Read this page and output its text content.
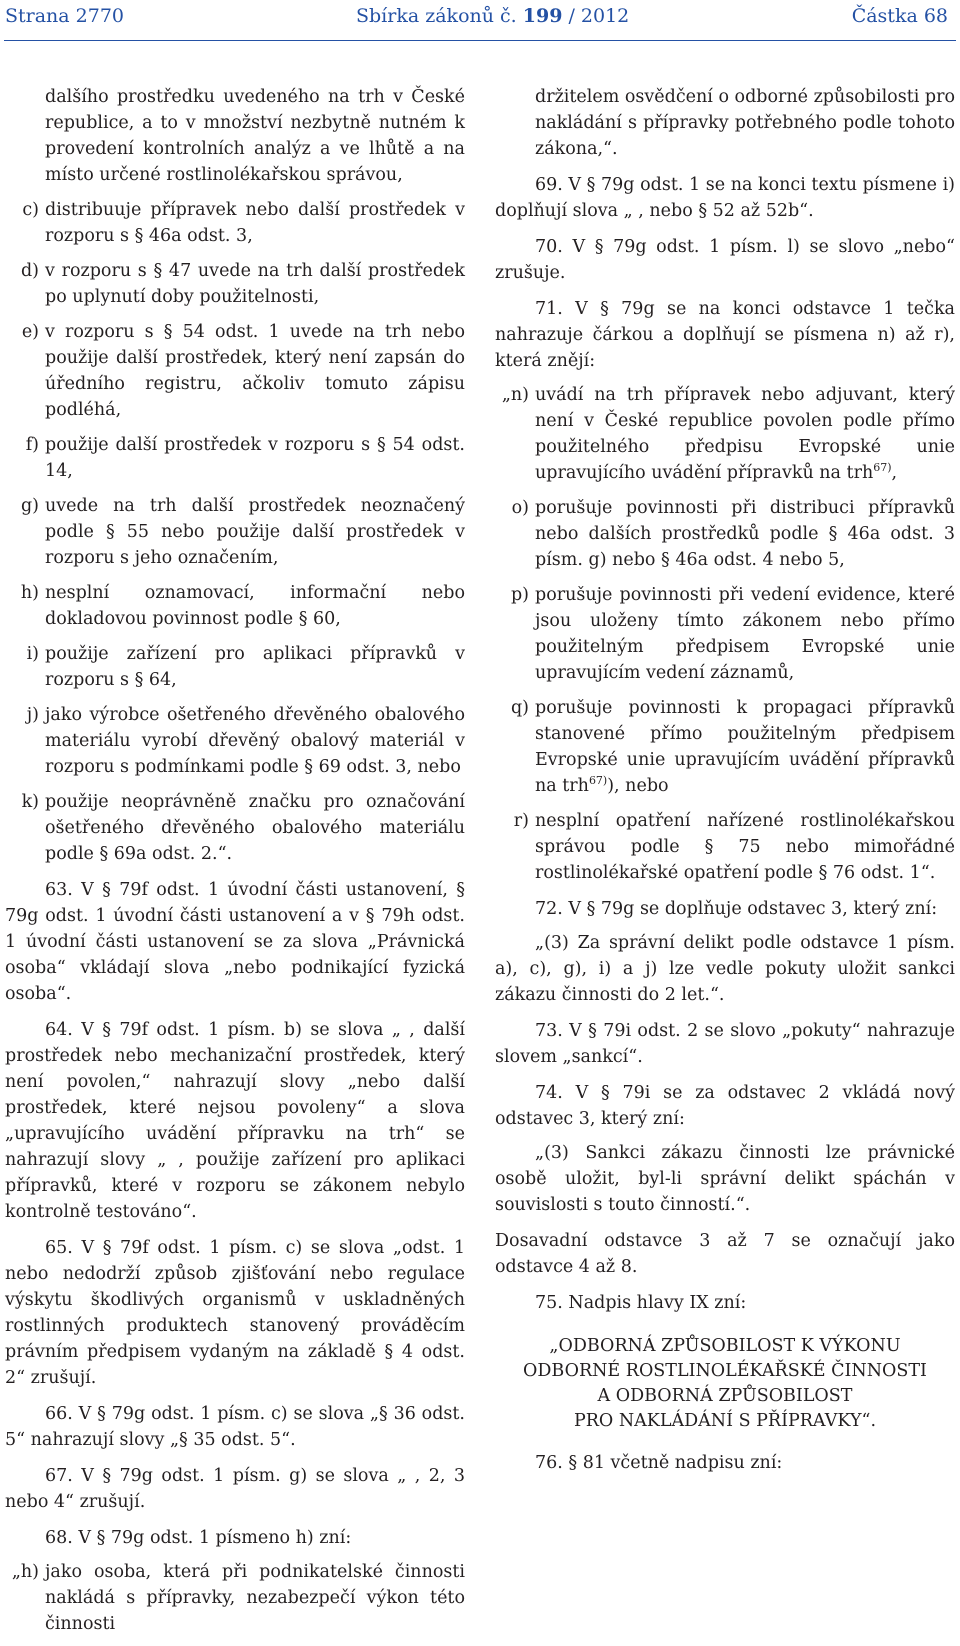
Strana 2770	Sbírka zákonů č. 199 / 2012	Částka 68
dalšího prostředku uvedeného na trh v České republice, a to v množství nezbytně nutném k provedení kontrolních analýz a ve lhůtě a na místo určené rostlinolékařskou správou,
c) distribuuje přípravek nebo další prostředek v rozporu s § 46a odst. 3,
d) v rozporu s § 47 uvede na trh další prostředek po uplynutí doby použitelnosti,
e) v rozporu s § 54 odst. 1 uvede na trh nebo použije další prostředek, který není zapsán do úředního registru, ačkoliv tomuto zápisu podléhá,
f) použije další prostředek v rozporu s § 54 odst. 14,
g) uvede na trh další prostředek neoznačený podle § 55 nebo použije další prostředek v rozporu s jeho označením,
h) nesplní oznamovací, informační nebo dokladovou povinnost podle § 60,
i) použije zařízení pro aplikaci přípravků v rozporu s § 64,
j) jako výrobce ošetřeného dřevěného obalového materiálu vyrobí dřevěný obalový materiál v rozporu s podmínkami podle § 69 odst. 3, nebo
k) použije neoprávněně značku pro označování ošetřeného dřevěného obalového materiálu podle § 69a odst. 2.“.

63. V § 79f odst. 1 úvodní části ustanovení, § 79g odst. 1 úvodní části ustanovení a v § 79h odst. 1 úvodní části ustanovení se za slova „Právnická osoba“ vkládají slova „nebo podnikající fyzická osoba“.

64. V § 79f odst. 1 písm. b) se slova „ , další prostředek nebo mechanizační prostředek, který není povolen,“ nahrazují slovy „nebo další prostředek, které nejsou povoleny“ a slova „upravujícího uvádění přípravku na trh“ se nahrazují slovy „ , použije zařízení pro aplikaci přípravků, které v rozporu se zákonem nebylo kontrolně testováno“.

65. V § 79f odst. 1 písm. c) se slova „odst. 1 nebo nedodrží způsob zjišťování nebo regulace výskytu škodlivých organismů v uskladněných rostlinných produktech stanovený prováděcím právním předpisem vydaným na základě § 4 odst. 2“ zrušují.

66. V § 79g odst. 1 písm. c) se slova „§ 36 odst. 5“ nahrazují slovy „§ 35 odst. 5“.

67. V § 79g odst. 1 písm. g) se slova „ , 2, 3 nebo 4“ zrušují.

68. V § 79g odst. 1 písmeno h) zní:

„h) jako osoba, která při podnikatelské činnosti nakládá s přípravky, nezabezpečí výkon této činnosti
držitelem osvědčení o odborné způsobilosti pro nakládání s přípravky potřebného podle tohoto zákona,“.

69. V § 79g odst. 1 se na konci textu písmene i) doplňují slova „ , nebo § 52 až 52b“.

70. V § 79g odst. 1 písm. l) se slovo „nebo“ zrušuje.

71. V § 79g se na konci odstavce 1 tečka nahrazuje čárkou a doplňují se písmena n) až r), která znějí:

„n) uvádí na trh přípravek nebo adjuvant, který není v České republice povolen podle přímo použitelného předpisu Evropské unie upravujícího uvádění přípravků na trh$^{67)}$,
o) porušuje povinnosti při distribuci přípravků nebo dalších prostředků podle § 46a odst. 3 písm. g) nebo § 46a odst. 4 nebo 5,
p) porušuje povinnosti při vedení evidence, které jsou uloženy tímto zákonem nebo přímo použitelným předpisem Evropské unie upravujícím vedení záznamů,
q) porušuje povinnosti k propagaci přípravků stanovené přímo použitelným předpisem Evropské unie upravujícím uvádění přípravků na trh$^{67)}$), nebo
r) nesplní opatření nařízené rostlinolékařskou správou podle § 75 nebo mimořádné rostlinolékařské opatření podle § 76 odst. 1“.

72. V § 79g se doplňuje odstavec 3, který zní:

„(3) Za správní delikt podle odstavce 1 písm. a), c), g), i) a j) lze vedle pokuty uložit sankci zákazu činnosti do 2 let.“.

73. V § 79i odst. 2 se slovo „pokuty“ nahrazuje slovem „sankcí“.

74. V § 79i se za odstavec 2 vkládá nový odstavec 3, který zní:

„(3) Sankci zákazu činnosti lze právnické osobě uložit, byl-li správní delikt spáchán v souvislosti s touto činností.“.

Dosavadní odstavce 3 až 7 se označují jako odstavce 4 až 8.

75. Nadpis hlavy IX zní:

„ODBORNÁ ZPŮSOBILOST K VÝKONU
ODBORNÉ ROSTLINOLÉKAŘSKÉ ČINNOSTI
A ODBORNÁ ZPŮSOBILOST
PRO NAKLÁDÁNÍ S PŘÍPRAVKY“.

76. § 81 včetně nadpisu zní:
